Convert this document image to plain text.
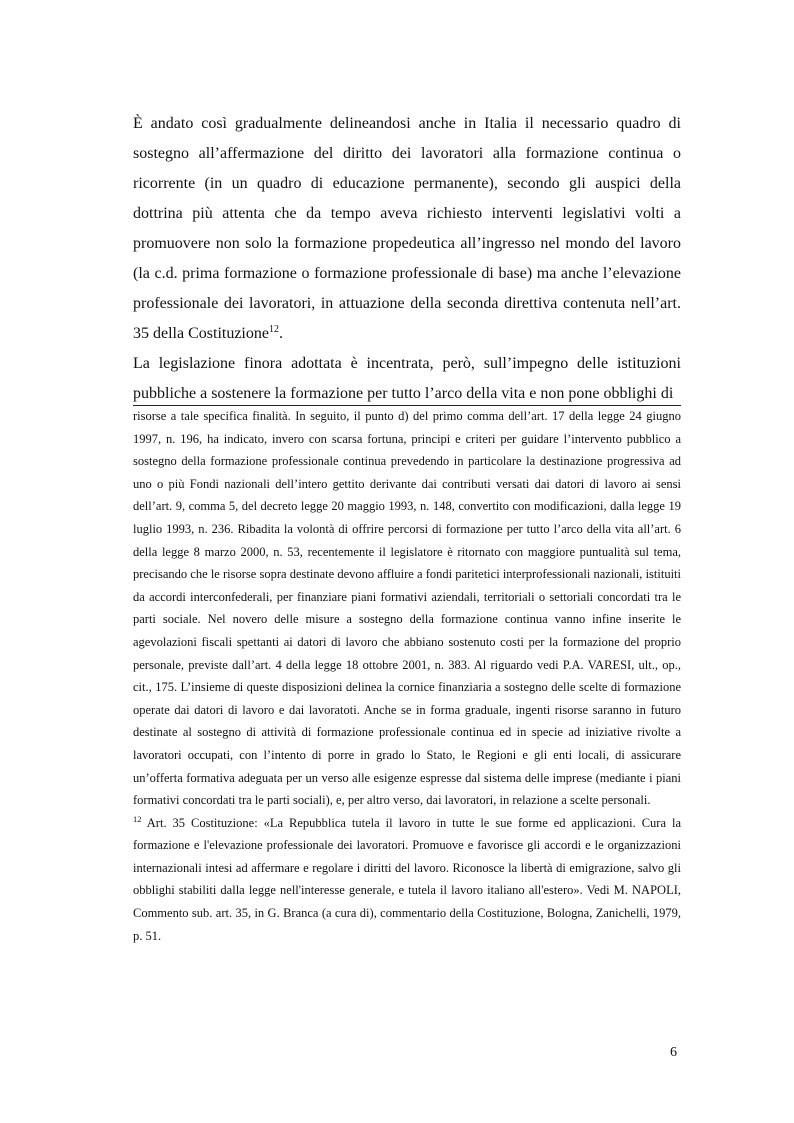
È andato così gradualmente delineandosi anche in Italia il necessario quadro di sostegno all’affermazione del diritto dei lavoratori alla formazione continua o ricorrente (in un quadro di educazione permanente), secondo gli auspici della dottrina più attenta che da tempo aveva richiesto interventi legislativi volti a promuovere non solo la formazione propedeutica all’ingresso nel mondo del lavoro (la c.d. prima formazione o formazione professionale di base) ma anche l’elevazione professionale dei lavoratori, in attuazione della seconda direttiva contenuta nell’art. 35 della Costituzione$^{12}$.

La legislazione finora adottata è incentrata, però, sull’impegno delle istituzioni pubbliche a sostenere la formazione per tutto l’arco della vita e non pone obblighi di

risorse a tale specifica finalità. In seguito, il punto d) del primo comma dell’art. 17 della legge 24 giugno 1997, n. 196, ha indicato, invero con scarsa fortuna, principi e criteri per guidare l’intervento pubblico a sostegno della formazione professionale continua prevedendo in particolare la destinazione progressiva ad uno o più Fondi nazionali dell’intero gettito derivante dai contributi versati dai datori di lavoro ai sensi dell’art. 9, comma 5, del decreto legge 20 maggio 1993, n. 148, convertito con modificazioni, dalla legge 19 luglio 1993, n. 236. Ribadita la volontà di offrire percorsi di formazione per tutto l’arco della vita all’art. 6 della legge 8 marzo 2000, n. 53, recentemente il legislatore è ritornato con maggiore puntualità sul tema, precisando che le risorse sopra destinate devono affluire a fondi paritetici interprofessionali nazionali, istituiti da accordi interconfederali, per finanziare piani formativi aziendali, territoriali o settoriali concordati tra le parti sociale. Nel novero delle misure a sostegno della formazione continua vanno infine inserite le agevolazioni fiscali spettanti ai datori di lavoro che abbiano sostenuto costi per la formazione del proprio personale, previste dall’art. 4 della legge 18 ottobre 2001, n. 383. Al riguardo vedi P.A. VARESI, ult., op., cit., 175. L’insieme di queste disposizioni delinea la cornice finanziaria a sostegno delle scelte di formazione operate dai datori di lavoro e dai lavoratoti. Anche se in forma graduale, ingenti risorse saranno in futuro destinate al sostegno di attività di formazione professionale continua ed in specie ad iniziative rivolte a lavoratori occupati, con l’intento di porre in grado lo Stato, le Regioni e gli enti locali, di assicurare un’offerta formativa adeguata per un verso alle esigenze espresse dal sistema delle imprese (mediante i piani formativi concordati tra le parti sociali), e, per altro verso, dai lavoratori, in relazione a scelte personali.

$^{12}$ Art. 35 Costituzione: «La Repubblica tutela il lavoro in tutte le sue forme ed applicazioni. Cura la formazione e l'elevazione professionale dei lavoratori. Promuove e favorisce gli accordi e le organizzazioni internazionali intesi ad affermare e regolare i diritti del lavoro. Riconosce la libertà di emigrazione, salvo gli obblighi stabiliti dalla legge nell'interesse generale, e tutela il lavoro italiano all'estero». Vedi M. NAPOLI, Commento sub. art. 35, in G. Branca (a cura di), commentario della Costituzione, Bologna, Zanichelli, 1979, p. 51.

6
